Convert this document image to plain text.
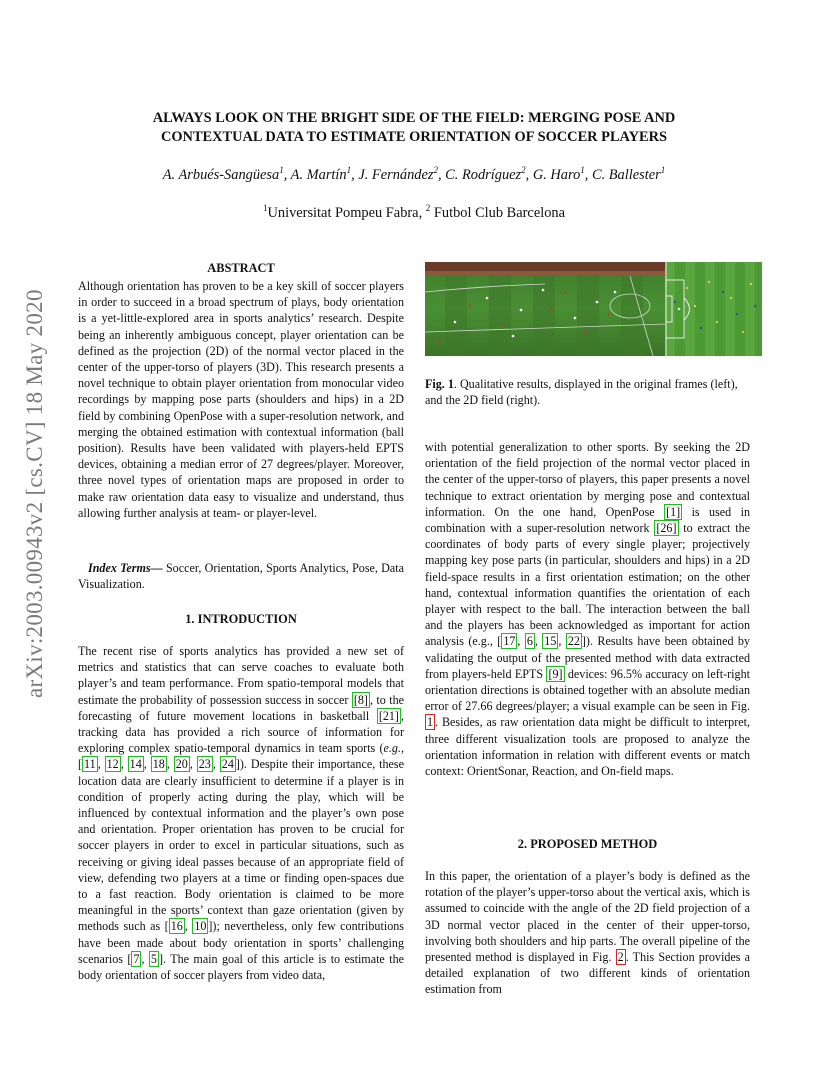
ALWAYS LOOK ON THE BRIGHT SIDE OF THE FIELD: MERGING POSE AND
CONTEXTUAL DATA TO ESTIMATE ORIENTATION OF SOCCER PLAYERS
A. Arbués-Sangüesa$^1$, A. Martín$^1$, J. Fernández$^2$, C. Rodríguez$^2$, G. Haro$^1$, C. Ballester$^1$
$^1$Universitat Pompeu Fabra, $^2$ Futbol Club Barcelona
arXiv:2003.00943v2 [cs.CV] 18 May 2020
ABSTRACT

Although orientation has proven to be a key skill of soccer players in order to succeed in a broad spectrum of plays, body orientation is a yet-little-explored area in sports analytics’ research. Despite being an inherently ambiguous concept, player orientation can be defined as the projection (2D) of the normal vector placed in the center of the upper-torso of players (3D). This research presents a novel technique to obtain player orientation from monocular video recordings by mapping pose parts (shoulders and hips) in a 2D field by combining OpenPose with a super-resolution network, and merging the obtained estimation with contextual information (ball position). Results have been validated with players-held EPTS devices, obtaining a median error of 27 degrees/player. Moreover, three novel types of orientation maps are proposed in order to make raw orientation data easy to visualize and understand, thus allowing further analysis at team- or player-level.

Index Terms— Soccer, Orientation, Sports Analytics, Pose, Data Visualization.

1. INTRODUCTION

The recent rise of sports analytics has provided a new set of metrics and statistics that can serve coaches to evaluate both player’s and team performance. From spatio-temporal models that estimate the probability of possession success in soccer [8] , to the forecasting of future movement locations in basketball [21] , tracking data has provided a rich source of information for exploring complex spatio-temporal dynamics in team sports (e.g., [ 11 , 12 , 14 , 18 , 20 , 23 , 24 ]). Despite their importance, these location data are clearly insufficient to determine if a player is in condition of properly acting during the play, which will be influenced by contextual information and the player’s own pose and orientation. Proper orientation has proven to be crucial for soccer players in order to excel in particular situations, such as receiving or giving ideal passes because of an appropriate field of view, defending two players at a time or finding open-spaces due to a fast reaction. Body orientation is claimed to be more meaningful in the sports’ context than gaze orientation (given by methods such as [ 16 , 10 ]); nevertheless, only few contributions have been made about body orientation in sports’ challenging scenarios [ 7 , 5 ]. The main goal of this article is to estimate the body orientation of soccer players from video data,

Fig. 1. Qualitative results, displayed in the original frames (left), and the 2D field (right).

with potential generalization to other sports. By seeking the 2D orientation of the field projection of the normal vector placed in the center of the upper-torso of players, this paper presents a novel technique to extract orientation by merging pose and contextual information. On the one hand, OpenPose [1] is used in combination with a super-resolution network [26] to extract the coordinates of body parts of every single player; projectively mapping key pose parts (in particular, shoulders and hips) in a 2D field-space results in a first orientation estimation; on the other hand, contextual information quantifies the orientation of each player with respect to the ball. The interaction between the ball and the players has been acknowledged as important for action analysis (e.g., [ 17 , 6 , 15 , 22 ]). Results have been obtained by validating the output of the presented method with data extracted from players-held EPTS [9] devices: 96.5% accuracy on left-right orientation directions is obtained together with an absolute median error of 27.66 degrees/player; a visual example can be seen in Fig. 1 . Besides, as raw orientation data might be difficult to interpret, three different visualization tools are proposed to analyze the orientation information in relation with different events or match context: OrientSonar, Reaction, and On-field maps.

2. PROPOSED METHOD

In this paper, the orientation of a player’s body is defined as the rotation of the player’s upper-torso about the vertical axis, which is assumed to coincide with the angle of the 2D field projection of a 3D normal vector placed in the center of their upper-torso, involving both shoulders and hip parts. The overall pipeline of the presented method is displayed in Fig. 2 . This Section provides a detailed explanation of two different kinds of orientation estimation from
